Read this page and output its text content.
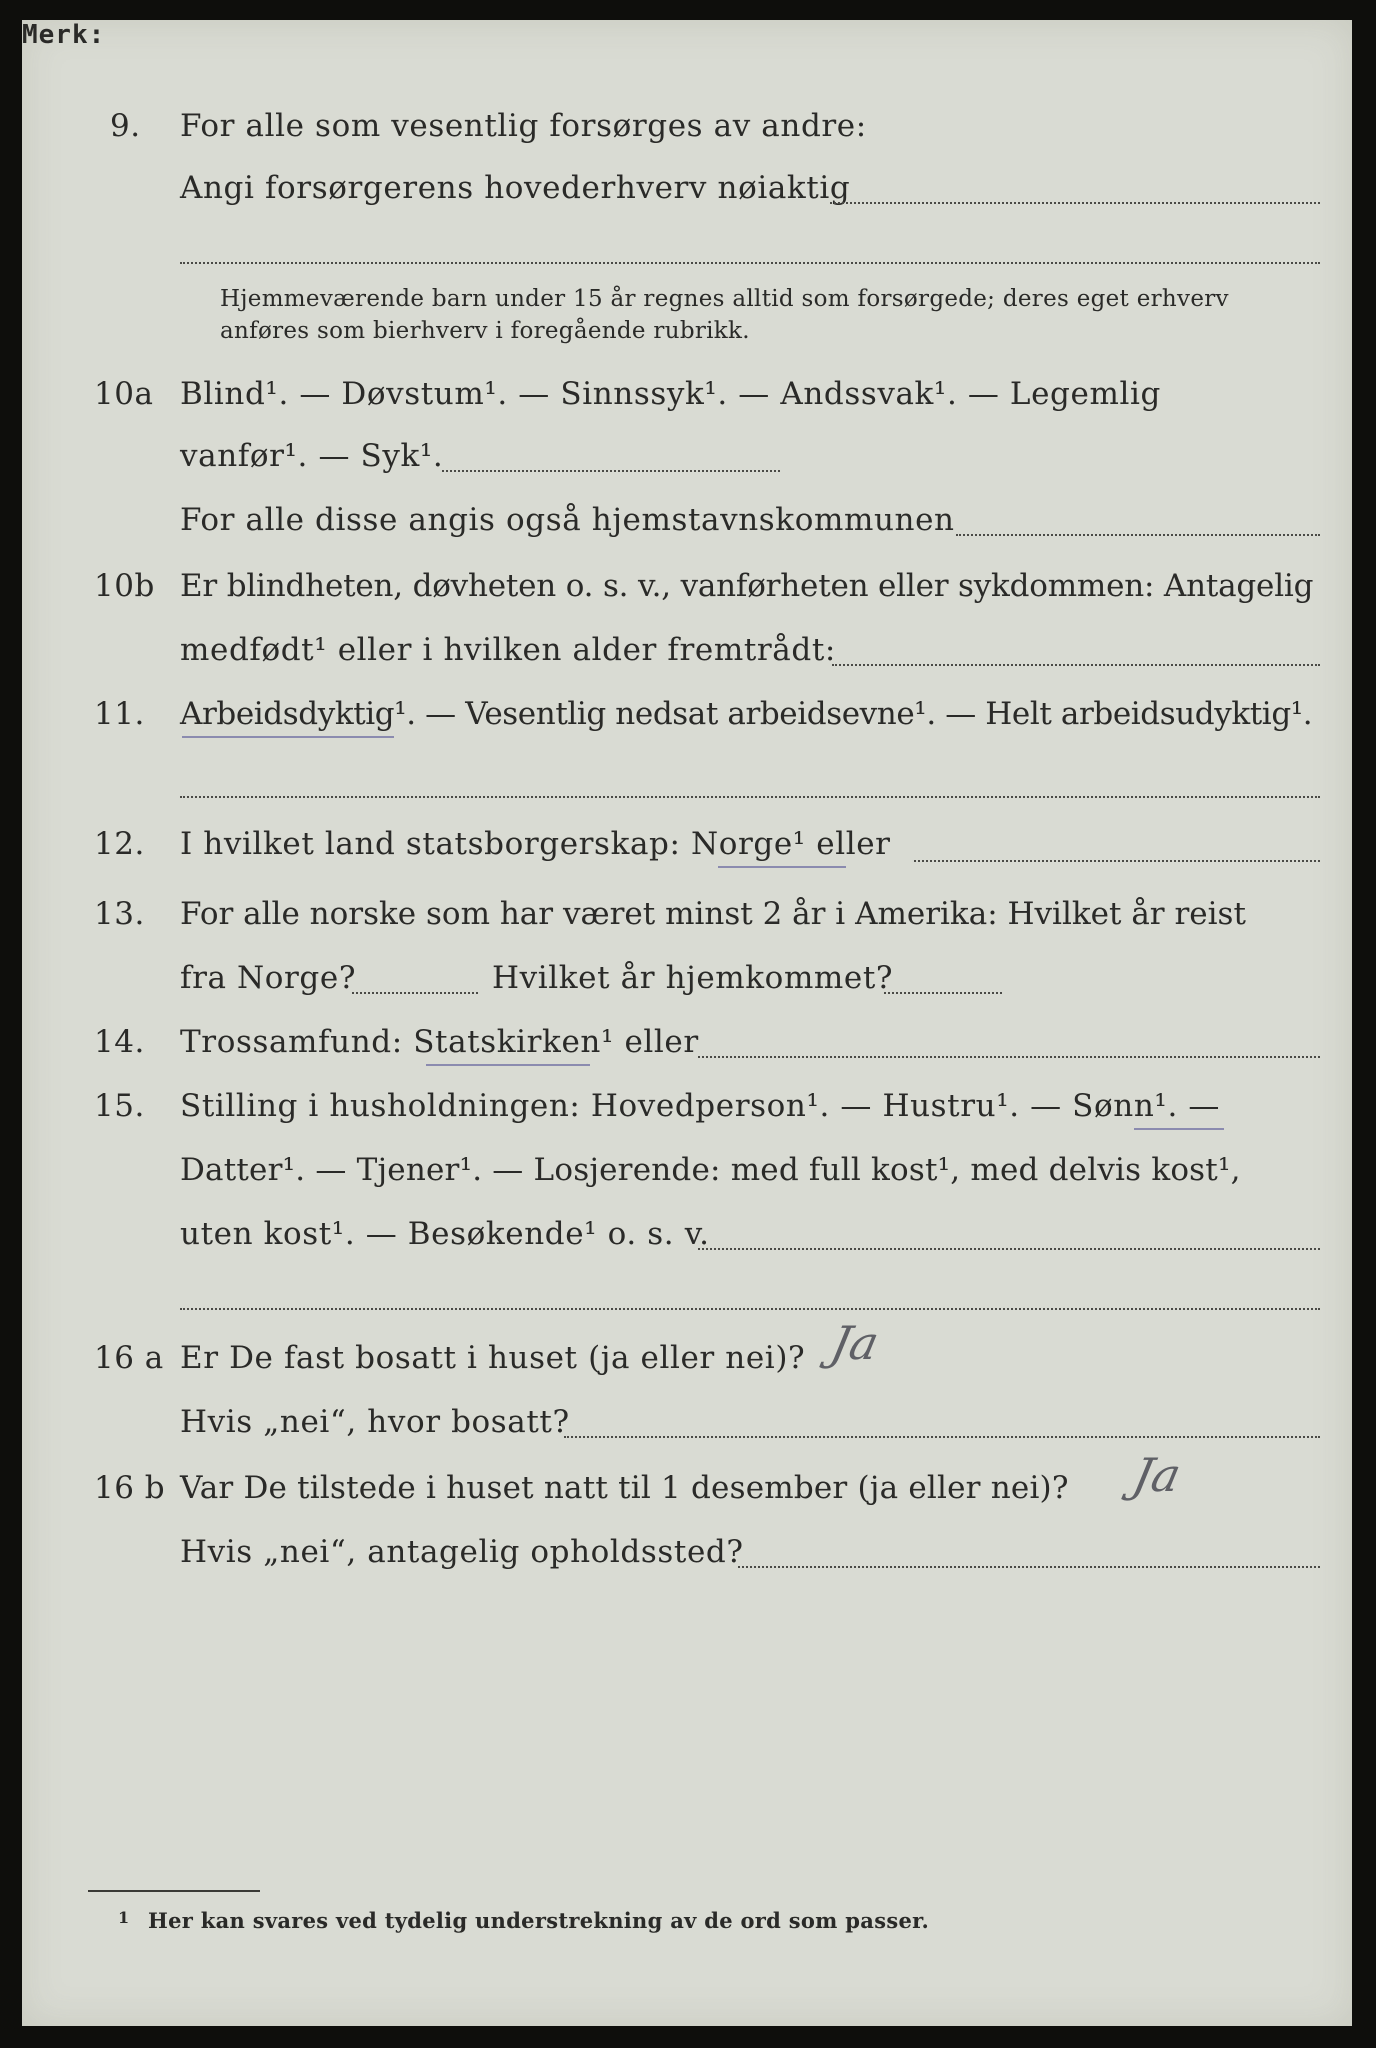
9. For alle som vesentlig forsørges av andre:
Angi forsørgerens hovederhverv nøiaktig
Merk:
Hjemmeværende barn under 15 år regnes alltid som forsørgede; deres eget erhverv
anføres som bierhverv i foregående rubrikk.
10a Blind¹. — Døvstum¹. — Sinnssyk¹. — Andssvak¹. — Legemlig
vanfør¹. — Syk¹.
For alle disse angis også hjemstavnskommunen
10b Er blindheten, døvheten o. s. v., vanførheten eller sykdommen: Antagelig
medfødt¹ eller i hvilken alder fremtrådt:
11. Arbeidsdyktig¹. — Vesentlig nedsat arbeidsevne¹. — Helt arbeidsudyktig¹.
12. I hvilket land statsborgerskap: Norge¹ eller
13. For alle norske som har været minst 2 år i Amerika: Hvilket år reist
fra Norge?	Hvilket år hjemkommet?
14. Trossamfund: Statskirken¹ eller
15. Stilling i husholdningen: Hovedperson¹. — Hustru¹. — Sønn¹. —
Datter¹. — Tjener¹. — Losjerende: med full kost¹, med delvis kost¹,
uten kost¹. — Besøkende¹ o. s. v.
16 a Er De fast bosatt i huset (ja eller nei)? Ja
Hvis „nei“, hvor bosatt?
16 b Var De tilstede i huset natt til 1 desember (ja eller nei)? Ja
Hvis „nei“, antagelig opholdssted?
1 Her kan svares ved tydelig understrekning av de ord som passer.
